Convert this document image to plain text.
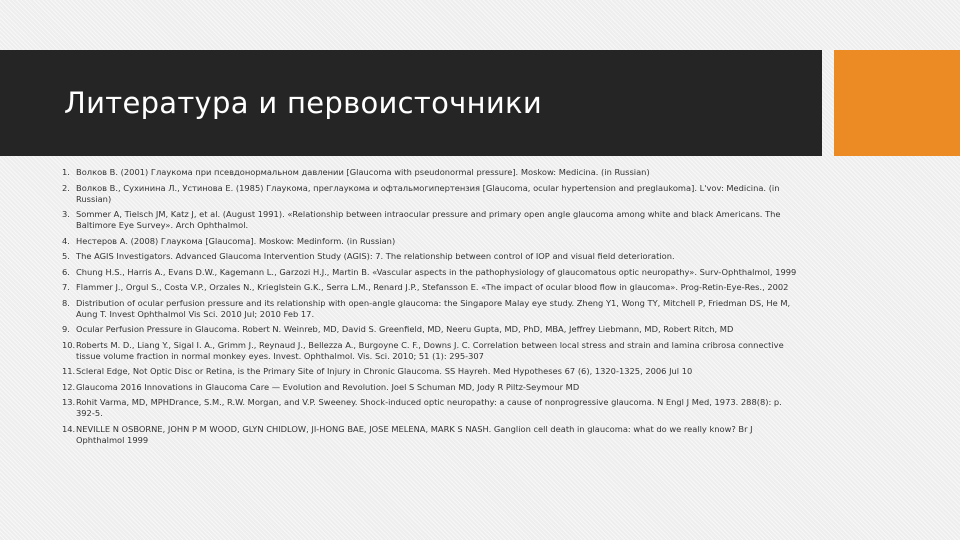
Литература и первоисточники
1. Волков В. (2001) Глаукома при псевдонормальном давлении [Glaucoma with pseudonormal pressure]. Moskow: Medicina. (in Russian)
2. Волков В., Сухинина Л., Устинова Е. (1985) Глаукома, преглаукома и офтальмогипертензия [Glaucoma, ocular hypertension and preglaukoma]. L'vov: Medicina. (in Russian)
3. Sommer A, Tielsch JM, Katz J, et al. (August 1991). «Relationship between intraocular pressure and primary open angle glaucoma among white and black Americans. The Baltimore Eye Survey». Arch Ophthalmol.
4. Нестеров А. (2008) Глаукома [Glaucoma]. Moskow: Medinform. (in Russian)
5. The AGIS Investigators. Advanced Glaucoma Intervention Study (AGIS): 7. The relationship between control of IOP and visual field deterioration.
6. Chung H.S., Harris A., Evans D.W., Kagemann L., Garzozi H.J., Martin B. «Vascular aspects in the pathophysiology of glaucomatous optic neuropathy». Surv-Ophthalmol, 1999
7. Flammer J., Orgul S., Costa V.P., Orzales N., Krieglstein G.K., Serra L.M., Renard J.P., Stefansson E. «The impact of ocular blood flow in glaucoma». Prog-Retin-Eye-Res., 2002
8. Distribution of ocular perfusion pressure and its relationship with open-angle glaucoma: the Singapore Malay eye study. Zheng Y1, Wong TY, Mitchell P, Friedman DS, He M, Aung T. Invest Ophthalmol Vis Sci. 2010 Jul; 2010 Feb 17.
9. Ocular Perfusion Pressure in Glaucoma. Robert N. Weinreb, MD, David S. Greenfield, MD, Neeru Gupta, MD, PhD, MBA, Jeffrey Liebmann, MD, Robert Ritch, MD
10. Roberts M. D., Liang Y., Sigal I. A., Grimm J., Reynaud J., Bellezza A., Burgoyne C. F., Downs J. C. Correlation between local stress and strain and lamina cribrosa connective tissue volume fraction in normal monkey eyes. Invest. Ophthalmol. Vis. Sci. 2010; 51 (1): 295-307
11. Scleral Edge, Not Optic Disc or Retina, is the Primary Site of Injury in Chronic Glaucoma. SS Hayreh. Med Hypotheses 67 (6), 1320-1325, 2006 Jul 10
12. Glaucoma 2016 Innovations in Glaucoma Care — Evolution and Revolution. Joel S Schuman MD, Jody R Piltz-Seymour MD
13. Rohit Varma, MD, MPHDrance, S.M., R.W. Morgan, and V.P. Sweeney. Shock-induced optic neuropathy: a cause of nonprogressive glaucoma. N Engl J Med, 1973. 288(8): p. 392-5.
14. NEVILLE N OSBORNE, JOHN P M WOOD, GLYN CHIDLOW, JI-HONG BAE, JOSE MELENA, MARK S NASH. Ganglion cell death in glaucoma: what do we really know? Br J Ophthalmol 1999
